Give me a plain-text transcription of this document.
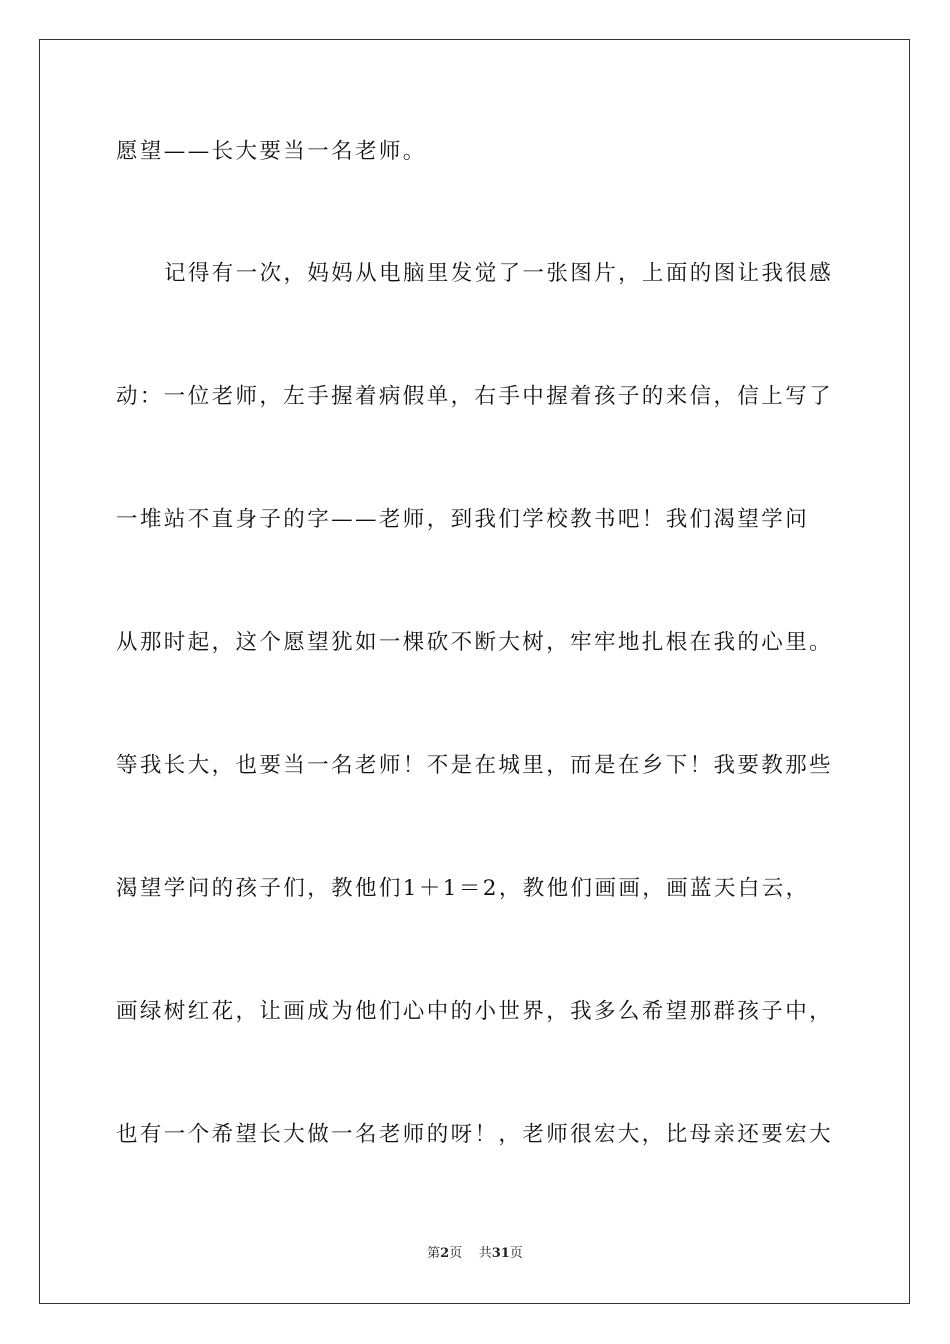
愿望——长大要当一名老师。
记得有一次，妈妈从电脑里发觉了一张图片，上面的图让我很感
动：一位老师，左手握着病假单，右手中握着孩子的来信，信上写了
一堆站不直身子的字——老师，到我们学校教书吧！我们渴望学问
从那时起，这个愿望犹如一棵砍不断大树，牢牢地扎根在我的心里。
等我长大，也要当一名老师！不是在城里，而是在乡下！我要教那些
渴望学问的孩子们，教他们1＋1＝2，教他们画画，画蓝天白云，
画绿树红花，让画成为他们心中的小世界，我多么希望那群孩子中，
也有一个希望长大做一名老师的呀！，老师很宏大，比母亲还要宏大
第2页 共31页
